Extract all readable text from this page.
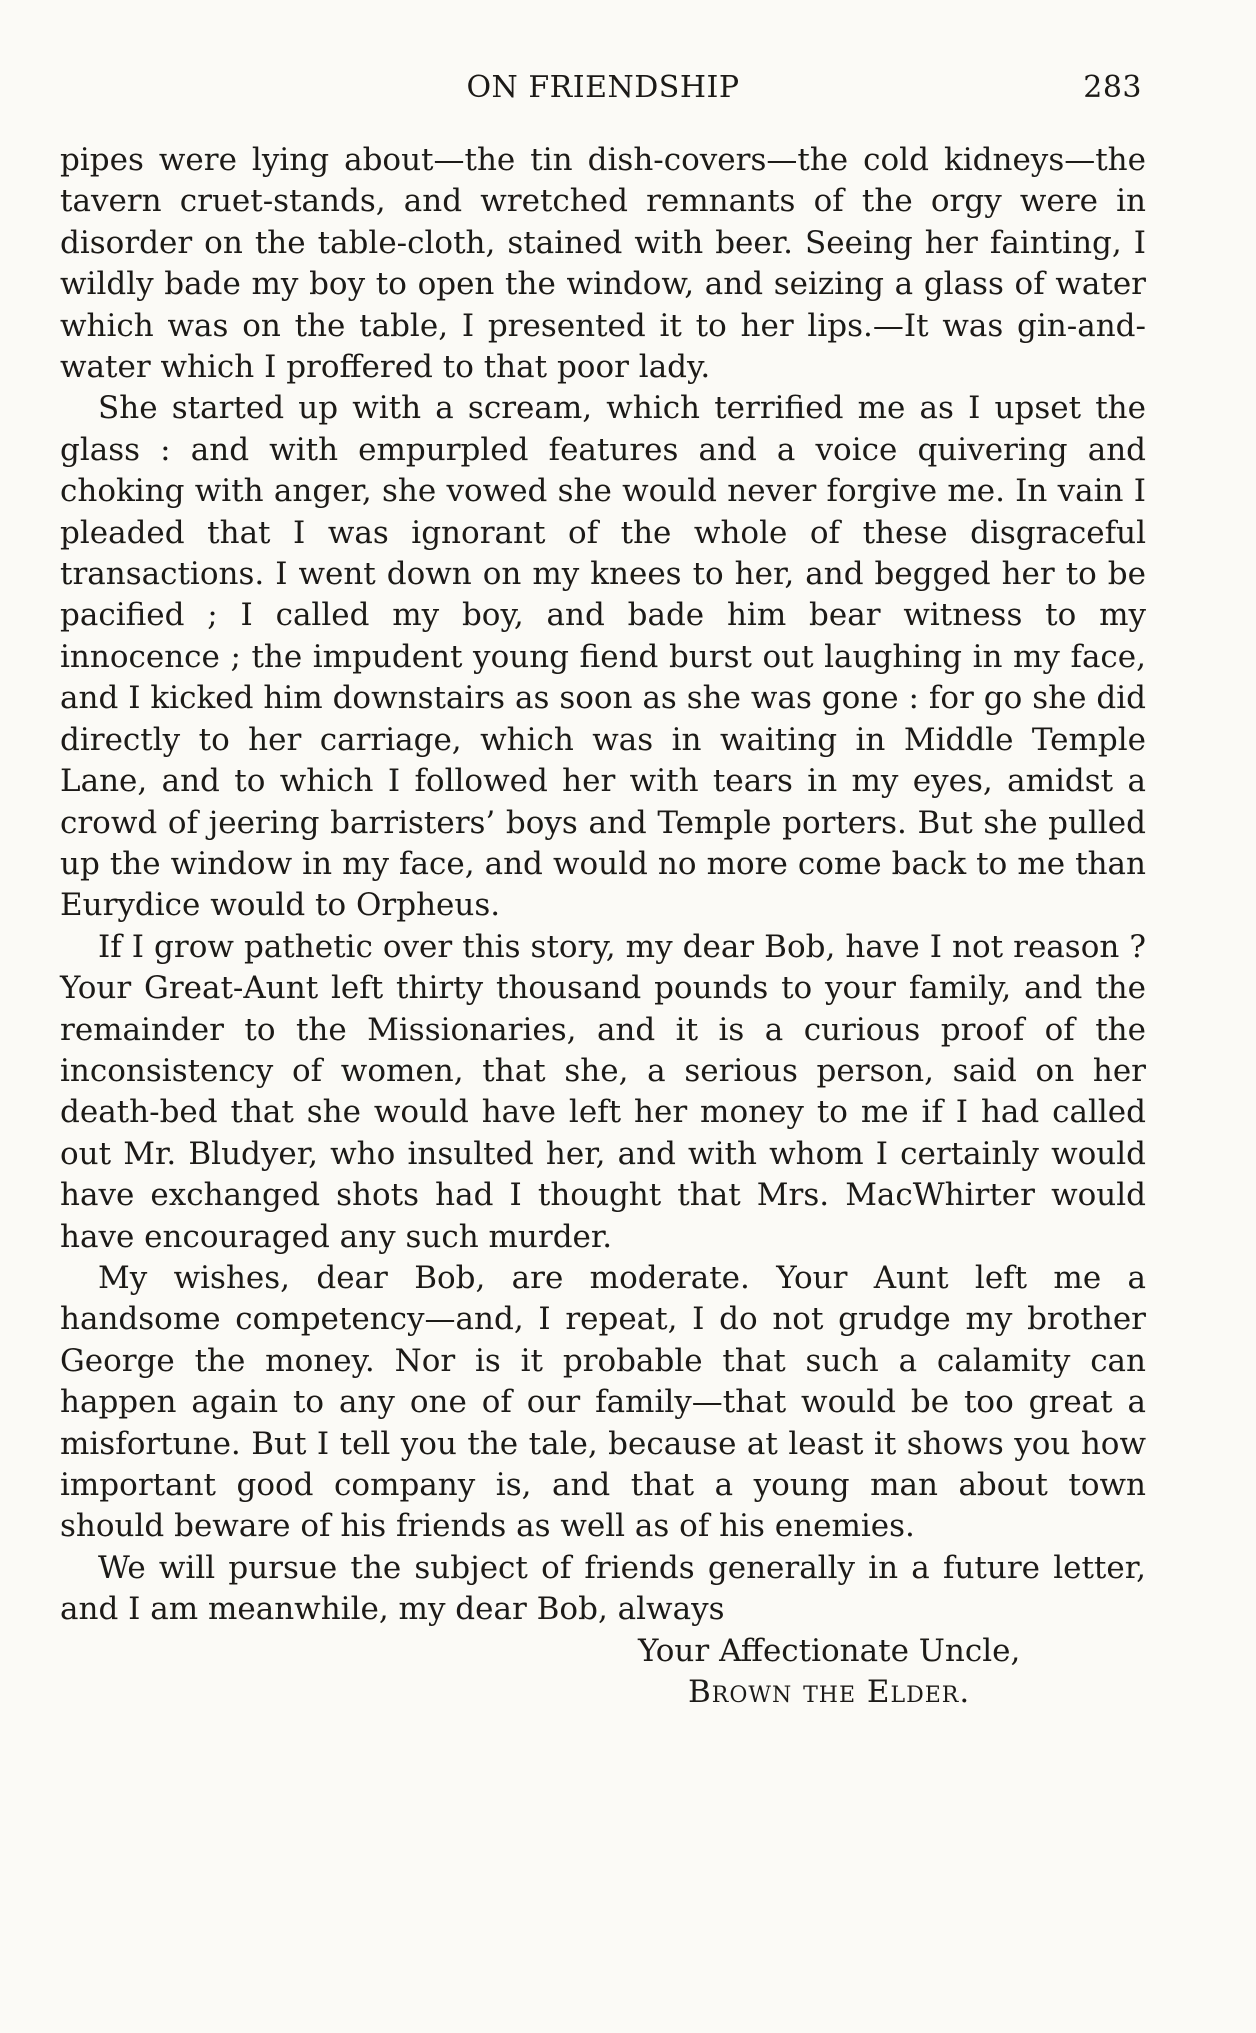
ON FRIENDSHIP	283

pipes were lying about—the tin dish-covers—the cold kidneys—the tavern cruet-stands, and wretched remnants of the orgy were in disorder on the table-cloth, stained with beer. Seeing her fainting, I wildly bade my boy to open the window, and seizing a glass of water which was on the table, I presented it to her lips.—It was gin-and-water which I proffered to that poor lady.

She started up with a scream, which terrified me as I upset the glass : and with empurpled features and a voice quivering and choking with anger, she vowed she would never forgive me. In vain I pleaded that I was ignorant of the whole of these disgraceful transactions. I went down on my knees to her, and begged her to be pacified ; I called my boy, and bade him bear witness to my innocence ; the impudent young fiend burst out laughing in my face, and I kicked him downstairs as soon as she was gone : for go she did directly to her carriage, which was in waiting in Middle Temple Lane, and to which I followed her with tears in my eyes, amidst a crowd of jeering barristers’ boys and Temple porters. But she pulled up the window in my face, and would no more come back to me than Eurydice would to Orpheus.

If I grow pathetic over this story, my dear Bob, have I not reason ? Your Great-Aunt left thirty thousand pounds to your family, and the remainder to the Missionaries, and it is a curious proof of the inconsistency of women, that she, a serious person, said on her death-bed that she would have left her money to me if I had called out Mr. Bludyer, who insulted her, and with whom I certainly would have exchanged shots had I thought that Mrs. MacWhirter would have encouraged any such murder.

My wishes, dear Bob, are moderate. Your Aunt left me a handsome competency—and, I repeat, I do not grudge my brother George the money. Nor is it probable that such a calamity can happen again to any one of our family—that would be too great a misfortune. But I tell you the tale, because at least it shows you how important good company is, and that a young man about town should beware of his friends as well as of his enemies.

We will pursue the subject of friends generally in a future letter, and I am meanwhile, my dear Bob, always

Your Affectionate Uncle,
Brown the Elder.
